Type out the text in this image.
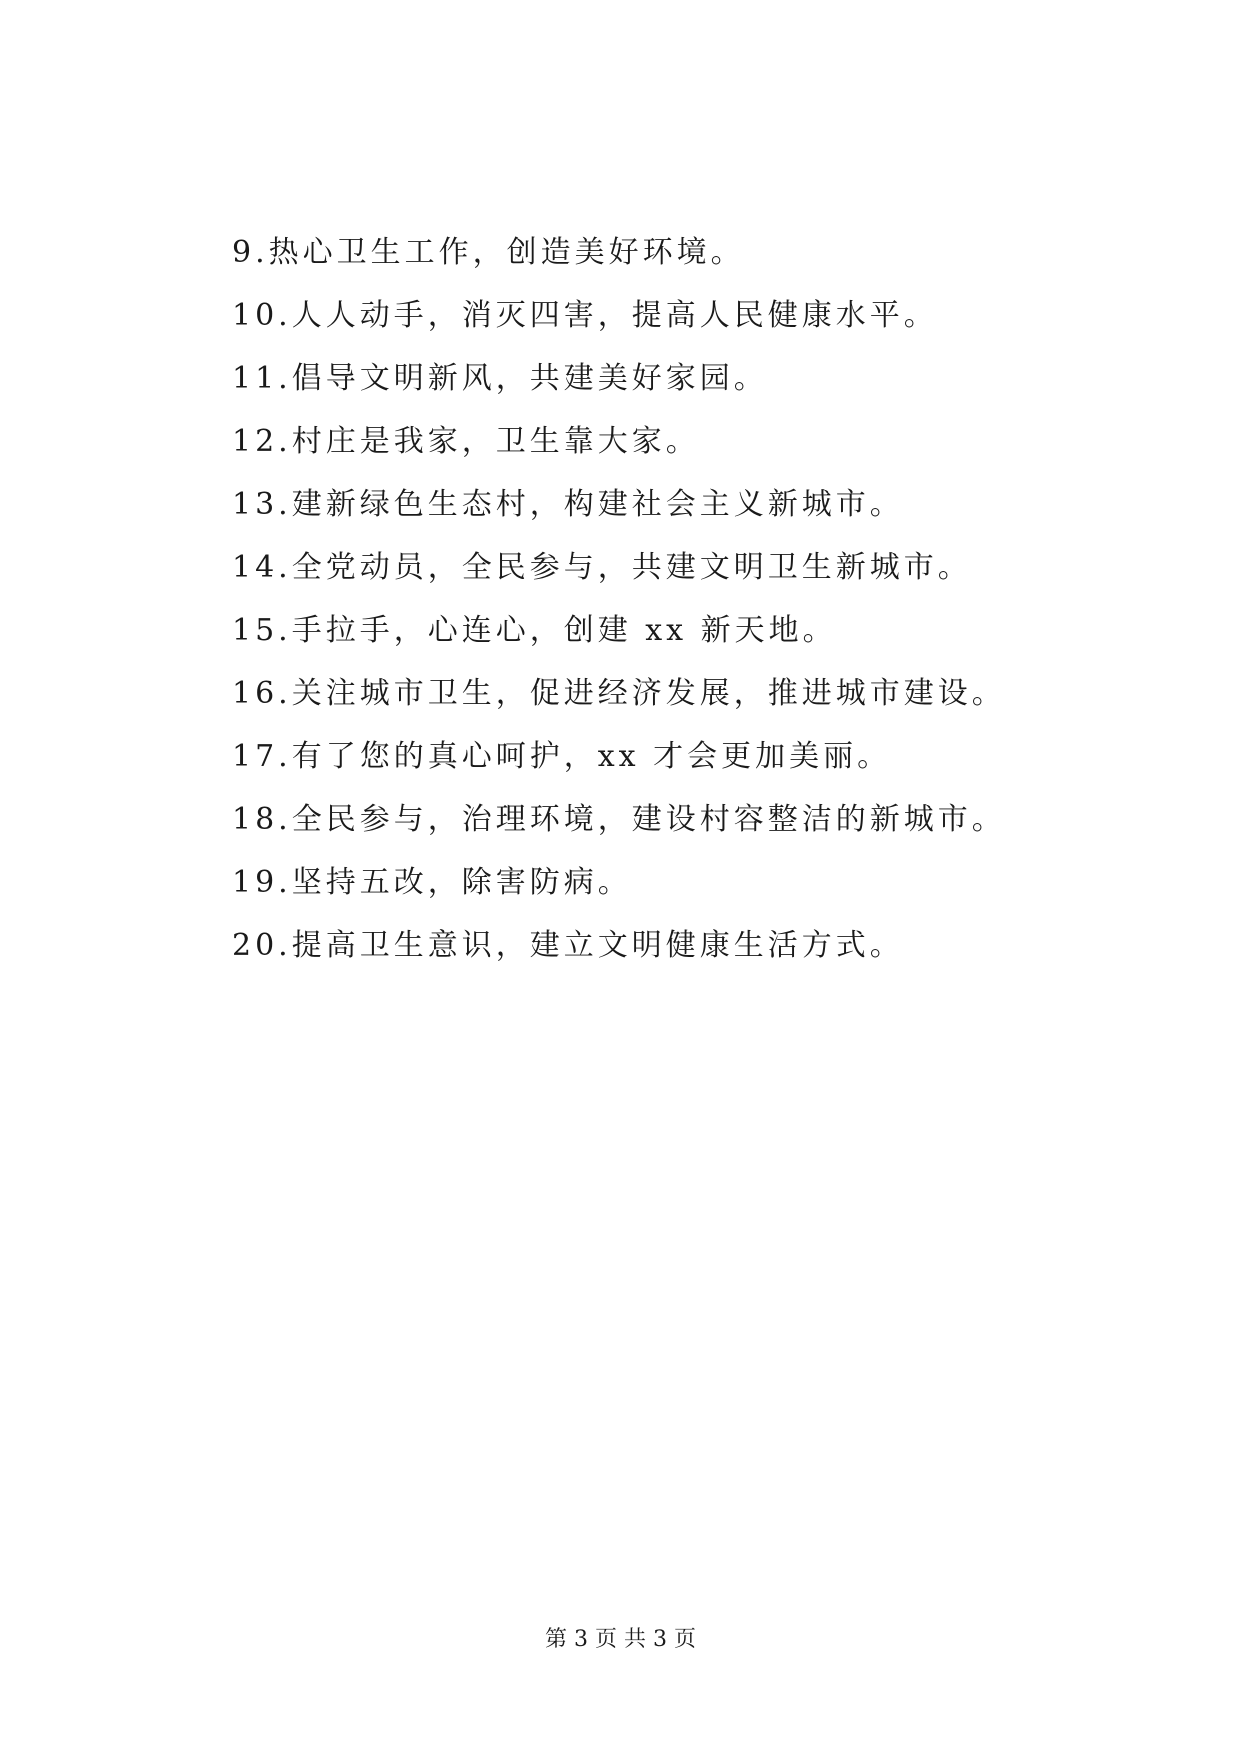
9.热心卫生工作，创造美好环境。
10.人人动手，消灭四害，提高人民健康水平。
11.倡导文明新风，共建美好家园。
12.村庄是我家，卫生靠大家。
13.建新绿色生态村，构建社会主义新城市。
14.全党动员，全民参与，共建文明卫生新城市。
15.手拉手，心连心，创建 xx 新天地。
16.关注城市卫生，促进经济发展，推进城市建设。
17.有了您的真心呵护，xx 才会更加美丽。
18.全民参与，治理环境，建设村容整洁的新城市。
19.坚持五改，除害防病。
20.提高卫生意识，建立文明健康生活方式。
第 3 页 共 3 页
